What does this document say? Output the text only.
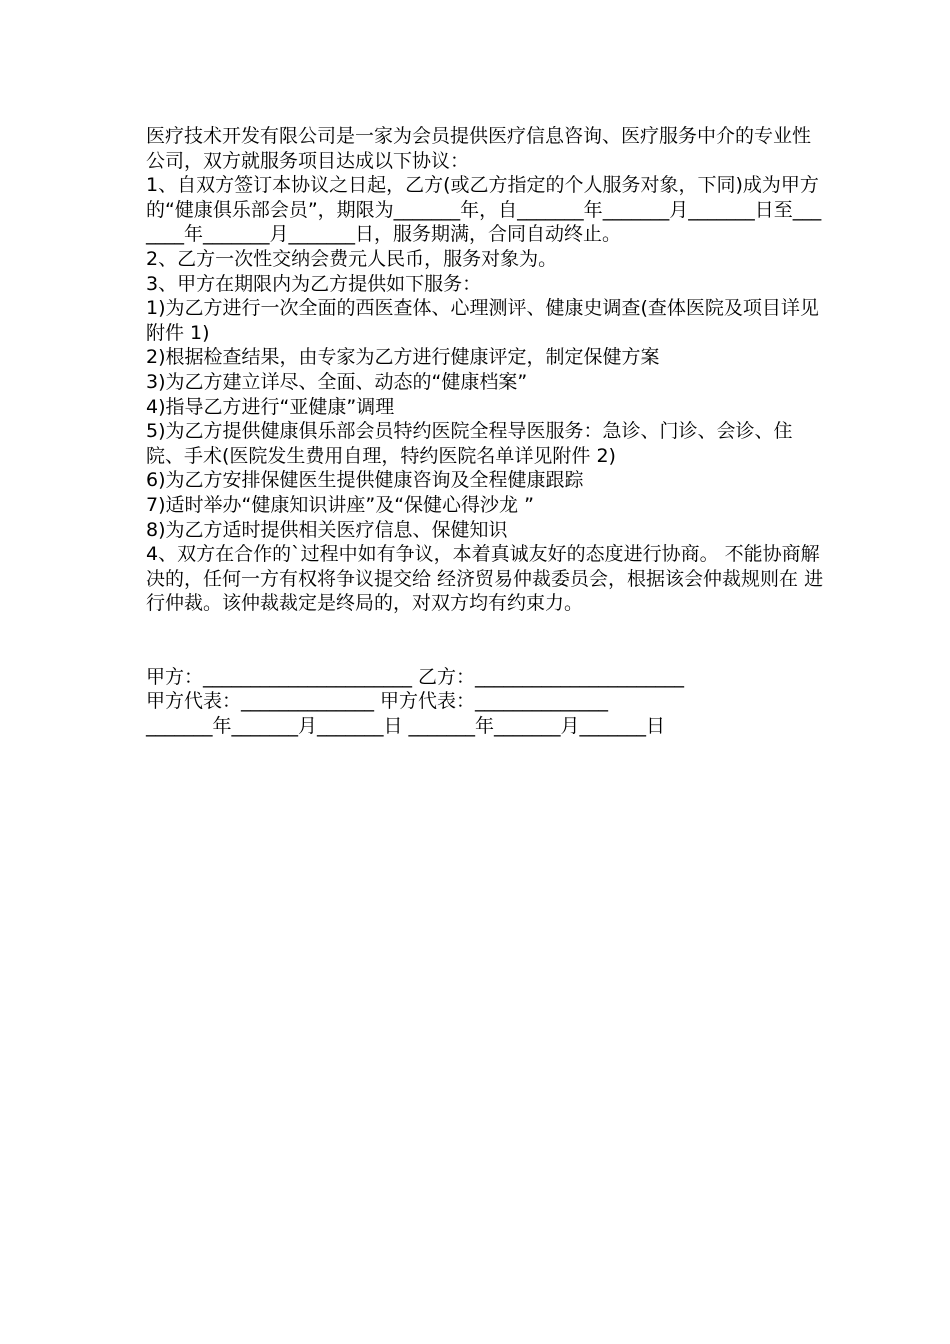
医疗技术开发有限公司是一家为会员提供医疗信息咨询、医疗服务中介的专业性公司，双方就服务项目达成以下协议：

1、自双方签订本协议之日起，乙方(或乙方指定的个人服务对象，下同)成为甲方的“健康俱乐部会员”，期限为_______年，自_______年_______月_______日至_______年_______月_______日，服务期满，合同自动终止。

2、乙方一次性交纳会费元人民币，服务对象为。

3、甲方在期限内为乙方提供如下服务：

1)为乙方进行一次全面的西医查体、心理测评、健康史调查(查体医院及项目详见附件 1)

2)根据检查结果，由专家为乙方进行健康评定，制定保健方案

3)为乙方建立详尽、全面、动态的“健康档案”

4)指导乙方进行“亚健康”调理

5)为乙方提供健康俱乐部会员特约医院全程导医服务：急诊、门诊、会诊、住院、手术(医院发生费用自理，特约医院名单详见附件 2)

6)为乙方安排保健医生提供健康咨询及全程健康跟踪

7)适时举办“健康知识讲座”及“保健心得沙龙 ”

8)为乙方适时提供相关医疗信息、保健知识

4、双方在合作的`过程中如有争议，本着真诚友好的态度进行协商。 不能协商解决的，任何一方有权将争议提交给 经济贸易仲裁委员会，根据该会仲裁规则在 进行仲裁。该仲裁裁定是终局的，对双方均有约束力。

甲方：______________________ 乙方：______________________

甲方代表：______________ 甲方代表：______________

_______年_______月_______日 _______年_______月_______日
